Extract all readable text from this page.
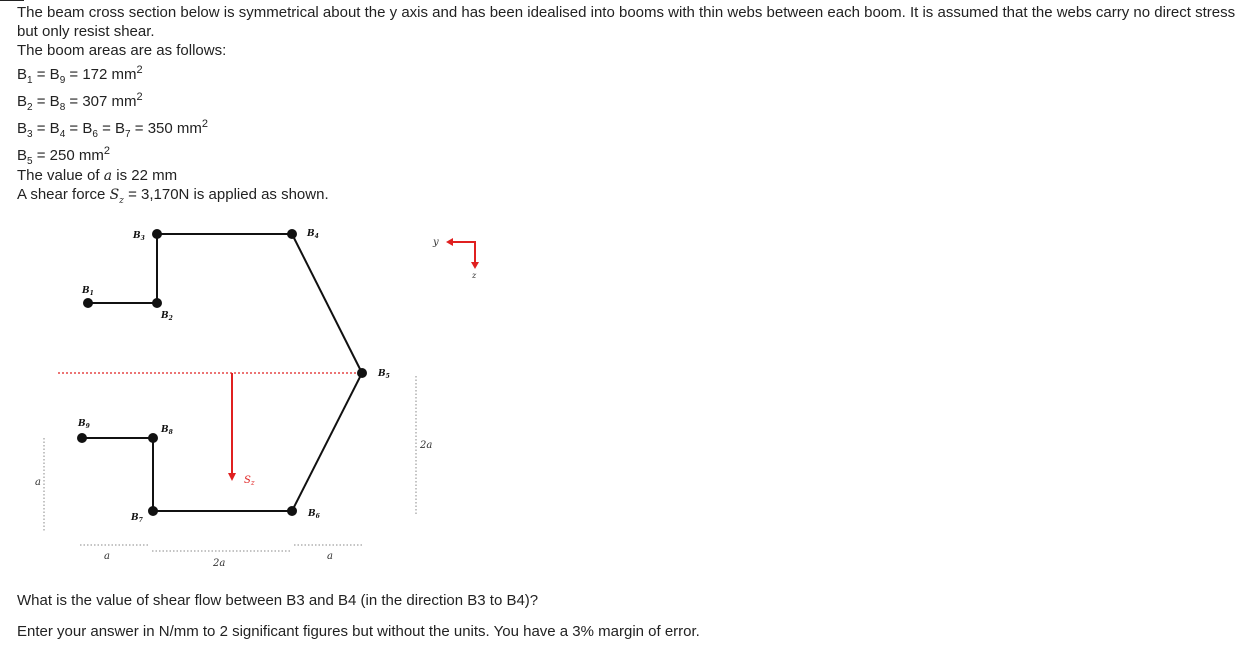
The beam cross section below is symmetrical about the y axis and has been idealised into booms with thin webs between each boom. It is assumed that the webs carry no direct stress but only resist shear.

The boom areas are as follows:

$B_1 = B_9 = 172$ $mm^2$
$B_2 = B_8 = 307$ $mm^2$
$B_3 = B_4 = B_6 = B_7 = 350$ $mm^2$
$B_5 = 250$ $mm^2$
The value of a is 22 mm
A shear force $S_z = 3,170N$ is applied as shown.
y
z
$B_1$
$B_2$
$B_3$	$B_4$
$B_5$
$B_6$
$B_7$
$B_8$
$B_9$
$S_z$
a
2a
a
2a
a
What is the value of shear flow between B3 and B4 (in the direction B3 to B4)?
Enter your answer in N/mm to 2 significant figures but without the units. You have a 3% margin of error.
